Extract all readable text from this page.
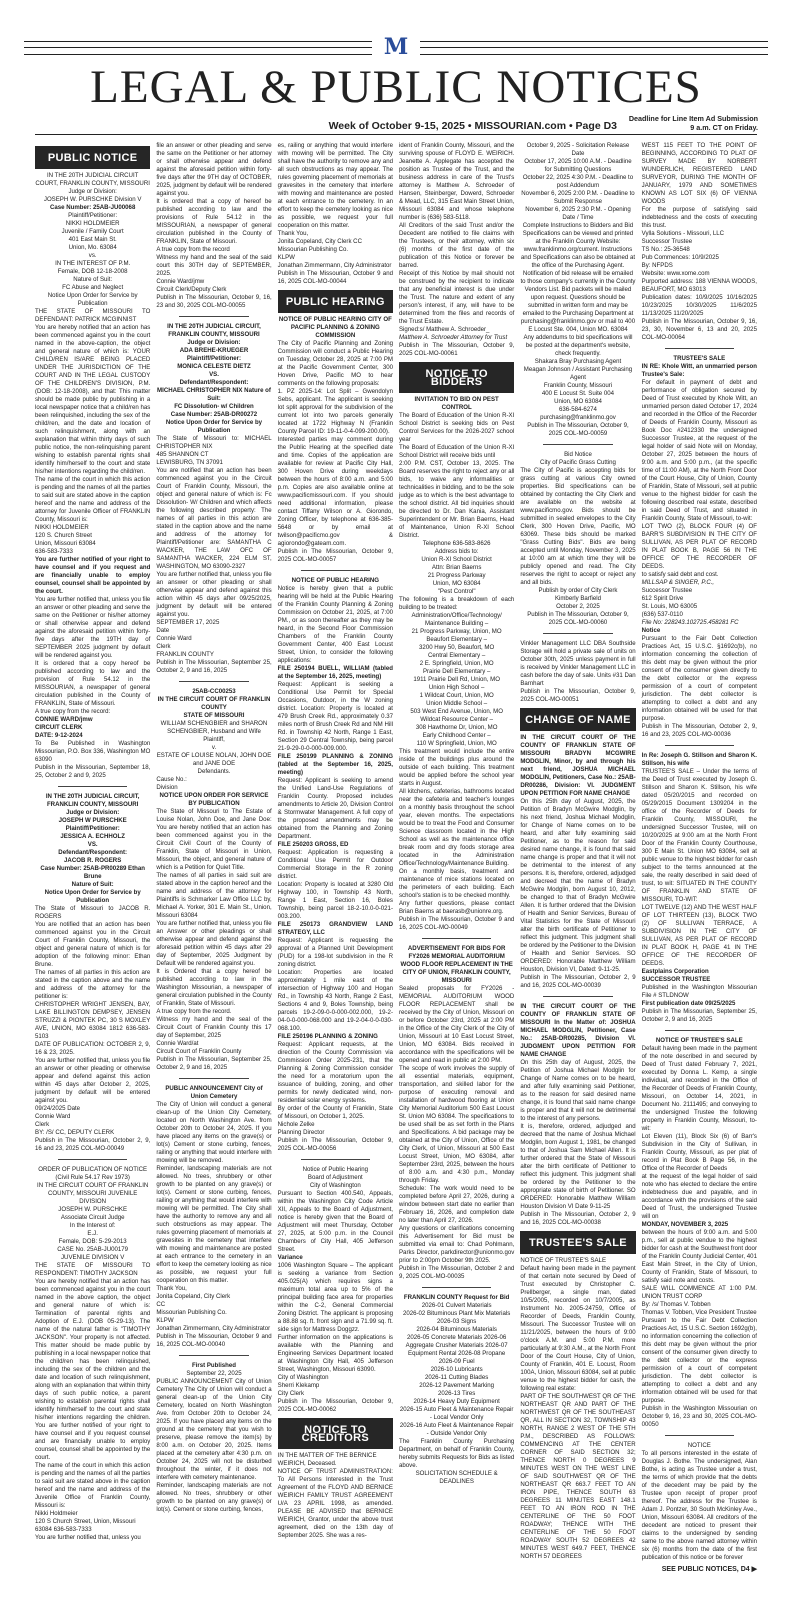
M
LEGAL & PUBLIC NOTICES
Deadline for Line Item Ad Submission
9 a.m. CT on Friday.
Week of October 9-15, 2025 • MISSOURIAN.com • Page D3
PUBLIC NOTICE
IN THE 20TH JUDICIAL CIRCUIT COURT, FRANKLIN COUNTY, MISSOURI
Judge or Division:
JOSEPH W. PURSCHKE Division V
Case Number: 25AB-JU00068
Plaintiff/Petitioner:
NIKKI HOLDMEIER
Juvenile / Family Court
401 East Main St.
Union, Mo. 63084
vs.
IN THE INTEREST OF P.M.
Female, DOB 12-18-2008
Nature of Suit:
FC Abuse and Neglect
Notice Upon Order for Service by Publication
THE STATE OF MISSOURI TO DEFENDANT: PATRICK MCGINNIST
You are hereby notified that an action has been commenced against you in the court named in the above-caption, the object and general nature of which is: YOUR CHILD/REN IS/ARE BEING PLACED UNDER THE JURISDICTION OF THE COURT AND IN THE LEGAL CUSTODY OF THE CHILDREN'S DIVISION, P.M. (DOB: 12-18-2008), and that: This matter should be made public by publishing in a local newspaper notice that a child/ren has been relinquished, including the sex of the child/ren, and the date and location of such relinquishment, along with an explanation that within thirty days of such public notice, the non-relinquishing parent wishing to establish parental rights shall identify him/herself to the court and state his/her intentions regarding the child/ren.
The name of the court in which this action is pending and the names of all the parties to said suit are stated above in the caption hereof and the name and address of the attorney for Juvenile Officer of FRANKLIN County, Missouri is:
NIKKI HOLDMEIER
120 S. Church Street
Union, Missouri 63084
636-583-7333
You are further notified of your right to have counsel and if you request and are financially unable to employ counsel, counsel shall be appointed by the court.
You are further notified that, unless you file an answer or other pleading and serve the same on the Petitioner or his/her attorney or shall otherwise appear and defend against the aforesaid petition within forty-five days after the 19TH day of SEPTEMBER 2025 judgment by default will be rendered against you.
It is ordered that a copy hereof be published according to law and the provision of Rule 54.12 in the MISSOURIAN, a newspaper of general circulation published in the County of FRANKLIN, State of Missouri.
A true copy from the record:
CONNIE WARD/jmw
CIRCUIT CLERK
DATE: 9-12-2024
To Be Published in Washington Missourian, P.O. Box 336, Washington MO 63090
Publish in the Missourian, September 18, 25, October 2 and 9, 2025
IN THE 20TH JUDICIAL CIRCUIT, FRANKLIN COUNTY, MISSOURI
Judge or Division:
JOSEPH W PURSCHKE
Plaintiff/Petitioner:
JESSICA A. ECHHOLZ
VS.
Defendant/Respondent:
JACOB R. ROGERS
Case Number: 25AB-PR00289 Ethan Brune
Nature of Suit:
Notice Upon Order for Service by Publication
The State of Missouri to JACOB R. ROGERS
You are notified that an action has been commenced against you in the Circuit Court of Franklin County, Missouri, the object and general nature of which is for adoption of the following minor: Ethan Brune.
The names of all parties in this action are stated in the caption above and the name and address of the attorney for the petitioner is:
CHRISTOPHER WRIGHT JENSEN, BAY, LAKE BILLINGTON DEMPSEY, JENSEN STRUZZI & PIONTEK PC, 30 S MOXLEY AVE, UNION, MO 63084 1812 636-583-5103
DATE OF PUBLICATION: OCTOBER 2, 9, 16 & 23, 2025.
You are further notified that, unless you file an answer or other pleading or otherwise appear and defend against this action within 45 days after October 2, 2025, judgment by default will be entered against you.
09/24/2025 Date
Connie Ward
Clerk
BY: /S/ CC, DEPUTY CLERK
Publish in The Missourian, October 2, 9, 16 and 23, 2025 COL-MO-00049
ORDER OF PUBLICATION OF NOTICE (Civil Rule 54.17 Rev 1973)
IN THE CIRCUIT COURT OF FRANKLIN COUNTY, MISSOURI JUVENILE DIVISION
JOSEPH W. PURSCHKE
Associate Circuit Judge
In the Interest of:
E.J.
Female, DOB: 5-29-2013
CASE No. 25AB-JU00179
JUVENILE DIVISION V
THE STATE OF MISSOURI TO RESPONDENT: TIMOTHY JACKSON
You are hereby notified that an action has been commenced against you in the court named in the above caption, the object and general nature of which is: Termination of parental rights and Adoption of E.J. (DOB 05-29-13). The name of the natural father is "TIMOTHY JACKSON". Your property is not affected. This matter should be made public by publishing in a local newspaper notice that the child/ren has been relinquished, including the sex of the children and the date and location of such relinquishment, along with an explanation that within thirty days of such public notice, a parent wishing to establish parental rights shall identify him/herself to the court and state his/her intentions regarding the children. You are further notified of your right to have counsel and if you request counsel and are financially unable to employ counsel, counsel shall be appointed by the court.
The name of the court in which this action is pending and the names of all the parties to said suit are stated above in the caption hereof and the name and address of the Juvenile Office of Franklin County, Missouri is:
Nikki Holdmeier
120 S Church Street, Union, Missouri 63084 636-583-7333
You are further notified that, unless you
file an answer or other pleading and serve the same on the Petitioner or her attorney or shall otherwise appear and defend against the aforesaid petition within forty-five days after the 9TH day of OCTOBER, 2025, judgment by default will be rendered against you.
It is ordered that a copy of hereof be published according to law and the provisions of Rule 54.12 in the MISSOURIAN, a newspaper of general circulation published in the County of FRANKLIN, State of Missouri.
A true copy from the record
Witness my hand and the seal of the said court this 30TH day of SEPTEMBER, 2025.
Connie Ward/jmw
Circuit Clerk/Deputy Clerk
Publish in The Missourian, October 9, 16, 23 and 30, 2025 COL-MO-00055
IN THE 20TH JUDICIAL CIRCUIT, FRANKLIN COUNTY, MISSOURI
Judge or Division:
ADA BREHE-KRUEGER
Plaintiff/Petitioner:
MONICA CELESTE DIETZ
VS.
Defendant/Respondent:
MICHAEL CHRISTOPHER NIX Nature of Suit:
FC Dissolution- w/ Children
Case Number: 25AB-DR00272
Notice Upon Order for Service by Publication
The State of Missouri to: MICHAEL CHRISTOPHER NIX
485 SHANNON CT
LEWISBURG, TN 37091
You are notified that an action has been commenced against you in the Circuit Court of Franklin County, Missouri, the object and general nature of which is: Fc Dissolution- W/ Children and which affects the following described property: The names of all parties in this action are stated in the caption above and the name and address of the attorney for Plaintiff/Petitioner are: SAMANTHA C WACKER, THE LAW OFC OF SAMANTHA WACKER, 224 ELM ST, WASHINGTON, MO 63090-2327
You are further notified that, unless you file an answer or other pleading or shall otherwise appear and defend against this action within 45 days after 09/25/2025, judgment by default will be entered against you.
SEPTEMBER 17, 2025
Date
Connie Ward
Clerk
FRANKLIN COUNTY
Publish in The Missourian, September 25, October 2, 9 and 16, 2025
25AB-CC00253
IN THE CIRCUIT COURT OF FRANKLIN COUNTY
STATE OF MISSOURI
WILLIAM SCHENGBIER and SHARON SCHENGBIER, Husband and Wife
Plaintiff,
v.
ESTATE OF LOUISE NOLAN, JOHN DOE and JANE DOE
Defendants.
Cause No.:
Division
NOTICE UPON ORDER FOR SERVICE BY PUBLICATION
The State of Missouri to The Estate of Louise Nolan, John Doe, and Jane Doe: You are hereby notified that an action has been commenced against you in the Circuit Civil Court of the County of Franklin, State of Missouri in Union, Missouri, the object, and general nature of which is a Petition for Quiet Title.
The names of all parties in said suit are stated above in the caption hereof and the name and address of the attorney for Plaintiffs is Schmarker Law Office LLC by, Michael A. Yorker, 301 E. Main St., Union, Missouri 63084
You are further notified that, unless you file an Answer or other pleadings or shall otherwise appear and defend against the aforesaid petition within 45 days after 29 day of September, 2025 Judgment by Default will be rendered against you.
It is Ordered that a copy hereof be published according to law in the Washington Missourian, a newspaper of general circulation published in the County of Franklin, State of Missouri.
A true copy from the record.
Witness my hand and the seal of the Circuit Court of Franklin County this 17 day of September, 2025
Connie Ward/at
Circuit Court of Franklin County
Publish in The Missourian, September 25, October 2, 9 and 16, 2025
PUBLIC ANNOUNCEMENT City of Union Cemetery
The City of Union will conduct a general clean-up of the Union City Cemetery, located on North Washington Ave. from October 20th to October 24, 2025. If you have placed any items on the grave(s) or lot(s) Cement or stone curbing, fences, railing or anything that would interfere with mowing will be removed.
Reminder, landscaping materials are not allowed. No trees, shrubbery or other growth to be planted on any grave(s) or lot(s). Cement or stone curbing, fences, railing or anything that would interfere with mowing will be permitted. The City shall have the authority to remove any and all such obstructions as may appear. The rules governing placement of memorials at gravesites in the cemetery that interfere with mowing and maintenance are posted at each entrance to the cemetery in an effort to keep the cemetery looking as nice as possible, we request your full cooperation on this matter.
Thank You,
Jonita Copeland, City Clerk
CC
Missourian Publishing Co.
KLPW
Jonathan Zimmermann, City Administrator
Publish in The Missourian, October 9 and 16, 2025 COL-MO-00040
First Published
September 22, 2025
PUBLIC ANNOUNCEMENT City of Union Cemetery The City of Union will conduct a general clean-up of the Union City Cemetery, located on North Washington Ave. from October 20th to October 24, 2025. If you have placed any items on the ground at the cemetery that you wish to preserve, please remove the item(s) by 8:00 a.m. on October 20, 2025. Items placed at the cemetery after 4:30 p.m. on October 24, 2025 will not be disturbed throughout the winter, if it does not interfere with cemetery maintenance.
Reminder, landscaping materials are not allowed. No trees, shrubbery or other growth to be planted on any grave(s) or lot(s). Cement or stone curbing, fences,
es, railing or anything that would interfere with mowing will be permitted. The City shall have the authority to remove any and all such obstructions as may appear. The rules governing placement of memorials at gravesites in the cemetery that interfere with mowing and maintenance are posted at each entrance to the cemetery. In an effort to keep the cemetery looking as nice as possible, we request your full cooperation on this matter.
Thank You,
Jonita Copeland, City Clerk CC
Missourian Publishing Co.
KLPW
Jonathan Zimmermann, City Administrator
Publish in The Missourian, October 9 and 16, 2025 COL-MO-00044
PUBLIC HEARING
NOTICE OF PUBLIC HEARING CITY OF PACIFIC PLANNING & ZONING COMMISSION
The City of Pacific Planning and Zoning Commission will conduct a Public Hearing on Tuesday, October 28, 2025 at 7:00 PM at the Pacific Government Center, 300 Hoven Drive, Pacific MO to hear comments on the following proposals:
1. PZ 2025-14: Lot Split – Gwendolyn Sebs, applicant. The applicant is seeking lot split approval for the subdivision of the current lot into two parcels generally located at 1722 Highway N (Franklin County Parcel ID: 19-11-0-4-099-200.00).
Interested parties may comment during the Public Hearing at the specified date and time. Copies of the application are available for review at Pacific City Hall, 300 Hoven Drive during weekdays between the hours of 8:00 a.m. and 5:00 p.m. Copies are also available online at www.pacificmissouri.com. If you should need additional information, please contact Tiffany Wilson or A. Giorondo, Zoning Officer, by telephone at 636-385-5648 or by email at twilson@pacificmo.gov & agiorondo@gateam.com.
Publish in The Missourian, October 9, 2025 COL-MO-00057
NOTICE OF PUBLIC HEARING
Notice is hereby given that a public hearing will be held at the Public Hearing of the Franklin County Planning & Zoning Commission on October 21, 2025, at 7:00 PM., or as soon thereafter as they may be heard, in the Second Floor Commission Chambers of the Franklin County Government Center, 400 East Locust Street, Union, to consider the following applications:
FILE 250194 BUELL, WILLIAM (tabled at the September 16, 2025, meeting)
Request: Applicant is seeking a Conditional Use Permit for Special Occasions, Outdoor, in the W zoning district. Location: Property is located at 479 Brush Creek Rd., approximately 0.37 miles north of Brush Creek Rd and NM Hill Rd. in Township 42 North, Range 1 East, Section 29 Central Township, being parcel 21-9-29-0-0-000-009.000.
FILE 250199 PLANNING & ZONING (tabled at the September 16, 2025, meeting)
Request: Applicant is seeking to amend the Unified Land-Use Regulations of Franklin County. Proposed includes amendments to Article 20, Division Control & Stormwater Management. A full copy of the proposed amendments may be obtained from the Planning and Zoning Department.
FILE 250203 GROSS, ED
Request: Application is requesting a Conditional Use Permit for Outdoor Commercial Storage in the R zoning district.
Location: Property is located at 3280 Old Highway 100, in Township 43 North, Range 1 East, Section 16, Boles Township, being parcel 18-2-10.0-0-021-003.200.
FILE 250173 GRANDVIEW LAND STRATEGY, LLC
Request: Applicant is requesting the approval of a Planned Unit Development (PUD) for a 198-lot subdivision in the R zoning district.
Location: Properties are located approximately 1 mile east of the intersection of Highway 100 and Hogan Rd., in Township 43 North, Range 2 East, Sections 4 and 9, Boles Township, being parcels 19-2-09-0-0-000-002.000, 19-2-04-0-0-000-068.000 and 19-2-04-0-0-030-068.100.
FILE 250196 PLANNING & ZONING
Request: Applicant requests, at the direction of the County Commission via Commission Order 2025-231, that the Planning & Zoning Commission consider the need for a moratorium upon the issuance of building, zoning, and other permits for newly dedicated wind, non-residential solar energy systems.
By order of the County of Franklin, State of Missouri, on October 1, 2025.
Nichole Zelke
Planning Director
Publish in The Missourian, October 9, 2025 COL-MO-00056
Notice of Public Hearing
Board of Adjustment
City of Washington
Pursuant to Section 400.540, Appeals, within the Washington City Code Article XII, Appeals to the Board of Adjustment, notice is hereby given that the Board of Adjustment will meet Thursday, October 27, 2025, at 5:00 p.m. in the Council Chambers of City Hall, 405 Jefferson Street.
Variance
1006 Washington Square – The applicant is seeking a variance from Section 405.025(A) which requires signs a maximum total area up to 5% of the principal building face area for properties within the C-2, General Commercial Zoning District. The applicant is proposing a 88.88 sq. ft. front sign and a 71.99 sq. ft. side sign for Mattress Doggzz.
Further information on the applications is available with the Planning and Engineering Services Department located at Washington City Hall, 405 Jefferson Street, Washington, Missouri 63090.
City of Washington
Sherri Klekamp
City Clerk
Publish in The Missourian, October 9, 2025 COL-MO-00062
NOTICE TO CREDITORS
IN THE MATTER OF THE BERNICE WEIRICH, Deceased.
NOTICE OF TRUST ADMINISTRATION: To All Persons Interested in the Trust Agreement of the FLOYD AND BERNICE WEIRICH FAMILY TRUST AGREEMENT U/A 23 APRIL 1998, as amended. PLEASE BE ADVISED that BERNICE WEIRICH, Grantor, under the above trust agreement, died on the 13th day of September 2025. She was a res-
ident of Franklin County, Missouri, and the surviving spouse of FLOYD E. WEIRICH. Jeanette A. Applegate has accepted the position as Trustee of the Trust, and the business address in care of the Trust's attorney is Matthew A. Schroeder of Hansen, Steinberger, Dowerd, Schroeder & Mead, LLC, 315 East Main Street Union, Missouri 63084 and whose telephone number is (636) 583-5118.
All Creditors of the said Trust and/or the Decedent are notified to file claims with the Trustees, or their attorney, within six (6) months of the first date of the publication of this Notice or forever be barred.
Receipt of this Notice by mail should not be construed by the recipient to indicate that any beneficial interest is due under the Trust. The nature and extent of any person's interest, if any, will have to be determined from the files and records of the Trust Estate.
Signed:s/ Matthew A. Schroeder_
Matthew A. Schroeder Attorney for Trust
Publish in The Missourian, October 9, 2025 COL-MO-00061
NOTICE TO BIDDERS
INVITATION TO BID ON PEST CONTROL
The Board of Education of the Union R-XI School District is seeking bids on Pest Control Services for the 2026-2027 school year
The Board of Education of the Union R-XI School District will receive bids until
2:00 P.M. CST, October 13, 2025. The Board reserves the right to reject any or all bids, to waive any informalities or technicalities in bidding, and to be the sole judge as to which is the best advantage to the school district. All bid inquiries should be directed to Dr. Dan Kania, Assistant Superintendent or Mr. Brian Baerns, Head of Maintenance, Union R-XI School District.
Telephone 636-583-8626
Address bids to:
Union R-XI School District
Attn: Brian Baerns
21 Progress Parkway
Union, MO 63084
"Pest Control"
The following is a breakdown of each building to be treated:
Administration/Office/Technology/ Maintenance Building –
21 Progress Parkway, Union, MO
Beaufort Elementary –
3200 Hwy 50, Beaufort, MO
Central Elementary –
2 E. Springfield, Union, MO
Prairie Dell Elementary –
1911 Prairie Dell Rd, Union, MO
Union High School –
1 Wildcat Court, Union, MO
Union Middle School –
503 West End Avenue, Union, MO
Wildcat Resource Center –
308 Hawthorne Dr, Union, MO
Early Childhood Center –
110 W Springfield, Union, MO
This treatment would include the entire inside of the buildings plus around the outside of each building. This treatment would be applied before the school year starts in August.
All kitchens, cafeterias, bathrooms located near the cafeteria and teacher's lounges on a monthly basis throughout the school year, eleven months. The expectations would be to treat the Food and Consumer Science classroom located in the High School as well as the maintenance office break room and dry foods storage area located in the Administration Office/Technology/Maintenance Building.
On a monthly basis, treatment and maintenance of mice stations located on the perimeters of each building. Each school's station is to be checked monthly.
Any further questions, please contact Brian Baerns at baerasb@unionre.org.
Publish in The Missourian, October 9 and 16, 2025 COL-MO-00049
ADVERTISEMENT FOR BIDS FOR FY2026 MEMORIAL AUDITORIUM WOOD FLOOR REPLACEMENT IN THE CITY OF UNION, FRANKLIN COUNTY, MISSOURI
Sealed proposals for FY2026 - MEMORIAL AUDITORIUM WOOD FLOOR REPLACEMENT shall be received by the City of Union, Missouri on or before October 23rd, 2025 at 2:00 PM in the Office of the City Clerk of the City of Union, Missouri at 10 East Locust Street, Union, MO 63084. Bids received in accordance with the specifications will be opened and read in public at 2:00 PM.
The scope of work involves the supply of all essential materials, equipment, transportation, and skilled labor for the purpose of executing removal and installation of hardwood flooring at Union City Memorial Auditorium 500 East Locust St. Union MO 63084. The specifications to be used shall be as set forth in the Plans and Specifications. A bid package may be obtained at the City of Union, Office of the City Clerk, of Union, Missouri at 500 East Locust Street, Union, MO 63084, after September 23rd, 2025, between the hours of 8:00 a.m. and 4:30 p.m., Monday through Friday.
Schedule: The work would need to be completed before April 27, 2026, during a window between start date no earlier than February 16, 2026, and completion date no later than April 27, 2026.
Any questions or clarifications concerning this Advertisement for Bid must be submitted via email to: Chad Pohlmann, Parks Director, parkdirector@unionmo.gov prior to 2:00pm October 9th 2025.
Publish in The Missourian, October 2 and 9, 2025 COL-MO-00035
FRANKLIN COUNTY Request for Bid
2026-01 Culvert Materials
2026-02 Bituminous Plant Mix Materials
2026-03 Signs
2026-04 Bituminous Materials
2026-05 Concrete Materials 2026-06 Aggregate Crusher Materials 2026-07 Equipment Rental 2026-08 Propane
2026-09 Fuel
2026-10 Lubricants
2026-11 Cutting Blades
2026-12 Pavement Marking
2026-13 Tires
2026-14 Heavy Duty Equipment
2026-15 Auto Fleet & Maintenance Repair - Local Vendor Only
2026-16 Auto Fleet & Maintenance Repair - Outside Vendor Only
The Franklin County Purchasing Department, on behalf of Franklin County, hereby submits Requests for Bids as listed above.
SOLICITATION SCHEDULE & DEADLINES
October 9, 2025 - Solicitation Release Date
October 17, 2025 10:00 A.M. - Deadline for Submitting Questions
October 22, 2025 4:30 P.M. - Deadline to post Addendum
November 6, 2025 2:00 P.M. - Deadline to Submit Response
November 6, 2025 2:30 P.M. - Opening Date / Time
Complete Instructions to Bidders and Bid Specifications can be viewed and printed at the Franklin County Website: www.franklinmo.org/current. Instructions and Specifications can also be obtained at the office of the Purchasing Agent. Notification of bid release will be emailed to those company's currently in the County Vendors List. Bid packets will be mailed upon request. Questions should be submitted in written form and may be emailed to the Purchasing Department at purchasing@franklinmo.gov or mail to 400 E Locust Ste. 004, Union MO. 63084
Any addendums to bid specifications will be posted at the department's website, check frequently.
Shakara Bray Purchasing Agent
Meagan Johnson / Assistant Purchasing Agent
Franklin County, Missouri
400 E Locust St. Suite 004
Union, MO 63084
636-584-6274
purchasing@franklinmo.gov
Publish in The Missourian, October 9, 2025 COL-MO-00059
Bid Notice
City of Pacific Grass Cutting
The City of Pacific is accepting bids for grass cutting at various City owned properties. Bid specifications can be obtained by contacting the City Clerk and are available on the website at www.pacificmo.gov. Bids should be submitted in sealed envelopes to the City Clerk, 300 Hoven Drive, Pacific, MO 63069. These bids should be marked "Grass Cutting Bids". Bids are being accepted until Monday, November 3, 2025 at 10:00 am at which time they will be publicly opened and read. The City reserves the right to accept or reject any and all bids.
Publish by order of City Clerk
Kimberly Barfield
October 2, 2025
Publish in The Missourian, October 9, 2025 COL-MO-00060
Vinkler Management LLC DBA Southside Storage will hold a private sale of units on October 30th, 2025 unless payment in full is received by Vinkler Management LLC in cash before the day of sale. Units #31 Dan Barnhart
Publish in The Missourian, October 9, 2025 COL-MO-00051
CHANGE OF NAME
IN THE CIRCUIT COURT OF THE COUNTY OF FRANKLIN STATE OF MISSOURI BRADYN MCGWIRE MODGLIN, Minor, by and through his next friend, JOSHUA MICHAEL MODGLIN, Petitioners, Case No.: 25AB-DR00286, Division: VI. JUDGMENT UPON PETITION FOR NAME CHANGE
On this 25th day of August, 2025, the Petition of Bradyn McGwire Modglin, by his next friend, Joshua Michael Modglin, for Change of Name comes on to be heard, and after fully examining said Petitioner, as to the reason for said desired name change, it is found that said name change is proper and that it will not be detrimental to the interest of any persons. It is, therefore, ordered, adjudged and decreed that the name of Bradyn McGwire Modglin, born August 10, 2012, be changed to that of Bradyn McGwire Allen. It is further ordered that the Division of Health and Senior Services, Bureau of Vital Statistics for the State of Missouri alter the birth certificate of Petitioner to reflect this judgment. This judgment shall be ordered by the Petitioner to the Division of Health and Senior Services. SO ORDERED: Honorable Matthew William Houston, Division VI, Dated: 9-11-25.
Publish in The Missourian, October 2, 9 and 16, 2025 COL-MO-00039
IN THE CIRCUIT COURT OF THE COUNTY OF FRANKLIN STATE OF MISSOURI In the Matter of: JOSHUA MICHAEL MODGLIN, Petitioner, Case No.: 25AB-DR00285, Division VI. JUDGMENT UPON PETITION FOR NAME CHANGE
On this 25th day of August, 2025, the Petition of Joshua Michael Modglin for Change of Name comes on to be heard, and after fully examining said Petitioner, as to the reason for said desired name change, it is found that said name change is proper and that it will not be detrimental to the interest of any persons.
It is, therefore, ordered, adjudged and decreed that the name of Joshua Michael Modglin, born August 1, 1981, be changed to that of Joshua Sam Michael Allen. It is further ordered that the State of Missouri alter the birth certificate of Petitioner to reflect this judgment. This judgment shall be ordered by the Petitioner to the appropriate state of birth of Petitioner. SO ORDERED: Honorable Matthew William Houston Division VI Date 9-11-25
Publish in The Missourian, October 2, 9 and 16, 2025 COL-MO-00038
TRUSTEE'S SALE
NOTICE OF TRUSTEE'S SALE
Default having been made in the payment of that certain note secured by Deed of Trust executed by Christopher C. Prellberger, a single man, dated 10/5/2005, recorded on 10/7/2005, as Instrument No. 2005-24759, Office of Recorder of Deeds, Franklin County, Missouri. The Successor Trustee will on 11/21/2025, between the hours of 9:00 o'clock A.M. and 5:00 P.M. more particularly at 9:30 A.M., at the North Front Door of the Court House, City of Union, County of Franklin, 401 E. Locust, Room 100A, Union, Missouri 63084, sell at public venue to the highest bidder for cash, the following real estate:
PART OF THE SOUTHWEST QR OF THE NORTHEAST QR AND PART OF THE NORTHWEST QR OF THE SOUTHEAST QR, ALL IN SECTION 32, TOWNSHIP 43 NORTH, RANGE 2 WEST OF THE 5TH P.M., DESCRIBED AS FOLLOWS: COMMENCING AT THE CENTER CORNER OF SAID SECTION 32; THENCE NORTH 0 DEGREES 9 MINUTES WEST ON THE WEST LINE OF SAID SOUTHWEST QR OF THE NORTHEAST QR 663.7 FEET TO AN IRON PIPE, THENCE SOUTH 63 DEGREES 11 MINUTES EAST 148.1 FEET TO AN IRON ROD IN THE CENTERLINE OF THE 50 FOOT ROADWAY; THENCE WITH THE CENTERLINE OF THE 50 FOOT ROADWAY SOUTH 52 DEGREES 42 MINUTES WEST 649.7 FEET, THENCE NORTH 57 DEGREES
WEST 115 FEET TO THE POINT OF BEGINNING, ACCORDING TO PLAT OF SURVEY MADE BY NORBERT WUNDERLICH, REGISTERED LAND SURVEYOR, DURING THE MONTH OF JANUARY, 1979 AND SOMETIMES KNOWN AS LOT SIX (6) OF VIENNA WOODS
For the purpose of satisfying said indebtedness and the costs of executing this trust.
Vylla Solutions - Missouri, LLC
Successor Trustee
TS No.: 25-36548
Pub Commences: 10/9/2025
By: NFPDS
Website: www.xome.com
Purported address: 188 VIENNA WOODS, BEAUFORT, MO 63013
Publication dates: 10/9/2025 10/16/2025 10/23/2025 10/30/2025 11/6/2025 11/13/2025 11/20/2025
Publish in The Missourian, October 9, 16, 23, 30, November 6, 13 and 20, 2025 COL-MO-00064
TRUSTEE'S SALE
IN RE: Khole Witt, an unmarried person Trustee's Sale:
For default in payment of debt and performance of obligation secured by Deed of Trust executed by Khole Witt, an unmarried person dated October 17, 2024 and recorded in the Office of the Recorder of Deeds of Franklin County, Missouri as Book Doc #2412330 the undersigned Successor Trustee, at the request of the legal holder of said Note will on Monday, October 27, 2025 between the hours of 9:00 a.m. and 5:00 p.m., (at the specific time of 11:00 AM), at the North Front Door of the Court House, City of Union, County of Franklin, State of Missouri, sell at public venue to the highest bidder for cash the following described real estate, described in said Deed of Trust, and situated in Franklin County, State of Missouri, to-wit:
LOT TWO (2), BLOCK FOUR (4) OF BARR'S SUBDIVISION IN THE CITY OF SULLIVAN, AS PER PLAT OF RECORD IN PLAT BOOK B, PAGE 56 IN THE OFFICE OF THE RECORDER OF DEEDS.
to satisfy said debt and cost.
MILLSAP & SINGER, P.C.,
Successor Trustee
612 Spirit Drive
St. Louis, MO 63005
(636) 537-0110
File No: 228243.102725.458281 FC
Notice
Pursuant to the Fair Debt Collection Practices Act, 15 U.S.C. §1692c(b), no information concerning the collection of this debt may be given without the prior consent of the consumer given directly to the debt collector or the express permission of a court of competent jurisdiction. The debt collector is attempting to collect a debt and any information obtained will be used for that purpose.
Publish in The Missourian, October 2, 9, 16 and 23, 2025 COL-MO-00036
In Re: Joseph G. Stillson and Sharon K. Stillson, his wife
TRUSTEE'S SALE – Under the terms of the Deed of Trust executed by Joseph G. Stillson and Sharon K. Stillson, his wife dated 05/20/2015 and recorded on 05/29/2015 Document 1309204 in the office of the Recorder of Deeds for Franklin County, MISSOURI, the undersigned Successor Trustee, will on 10/20/2025 at 9:00 am at the North Front Door of the Franklin County Courthouse, 300 E Main St. Union MO 63084, sell at public venue to the highest bidder for cash subject to the terms announced at the sale, the realty described in said deed of trust, to wit: SITUATED IN THE COUNTY OF FRANKLIN AND STATE OF MISSOURI, TO-WIT:
LOT TWELVE (12) AND THE WEST HALF OF LOT THIRTEEN (13), BLOCK TWO (2) OF SULLIVAN TERRACE, A SUBDIVISION IN THE CITY OF SULLIVAN, AS PER PLAT OF RECORD IN PLAT BOOK H, PAGE 41 IN THE OFFICE OF THE RECORDER OF DEEDS.
Eastplains Corporation
SUCCESSOR TRUSTEE
Published in the Washington Missourian File # STLDNOW
First publication date 09/25/2025
Publish in The Missourian, September 25, October 2, 9 and 16, 2025
NOTICE OF TRUSTEE'S SALE
Default having been made in the payment of the note described in and secured by Deed of Trust dated February 7, 2021, executed by Donna L. Kemp, a single individual, and recorded in the Office of the Recorder of Deeds of Franklin County, Missouri, on October 14, 2021, in Document No. 2111495; and conveying to the undersigned Trustee the following property in Franklin County, Missouri, to-wit:
Lot Eleven (11), Block Six (6) of Barr's Subdivision in the City of Sullivan, in Franklin County, Missouri, as per plat of record in Plat Book B Page 56, in the Office of the Recorder of Deeds
at the request of the legal holder of said note who has elected to declare the entire indebtedness due and payable, and in accordance with the provisions of the said Deed of Trust, the undersigned Trustee will on
MONDAY, NOVEMBER 3, 2025
between the hours of 9:00 a.m. and 5:00 p.m., sell at public vendue to the highest bidder for cash at the Southwest front door of the Franklin County Judicial Center, 401 East Main Street, in the City of Union, County of Franklin, State of Missouri, to satisfy said note and costs.
SALE WILL COMMENCE AT 1:00 P.M. UNION TRUST CORP
By: /s/ Thomas V. Tobben
Thomas V. Tobben, Vice President Trustee
Pursuant to the Fair Debt Collection Practices Act, 15 U.S.C. Section 1692g(b), no information concerning the collection of this debt may be given without the prior consent of the consumer given directly to the debt collector or the express permission of a court of competent jurisdiction. The debt collector is attempting to collect a debt and any information obtained will be used for that purpose.
Publish in the Washington Missourian on October 9, 16, 23 and 30, 2025 COL-MO-00050
NOTICE
To all persons interested in the estate of Douglas J. Bothe. The undersigned, Alan Bothe, is acting as Trustee under a trust, the terms of which provide that the debts of the decedent may be paid by the Trustee upon receipt of proper proof thereof. The address for the Trustee is Adam J. Pontzer, 30 South McKinley Ave., Union, Missouri 63084. All creditors of the decedent are noticed to present their claims to the undersigned by sending same to the above named attorney within six (6) months from the date of the first publication of this notice or be forever
SEE PUBLIC NOTICES, D4 ▶
